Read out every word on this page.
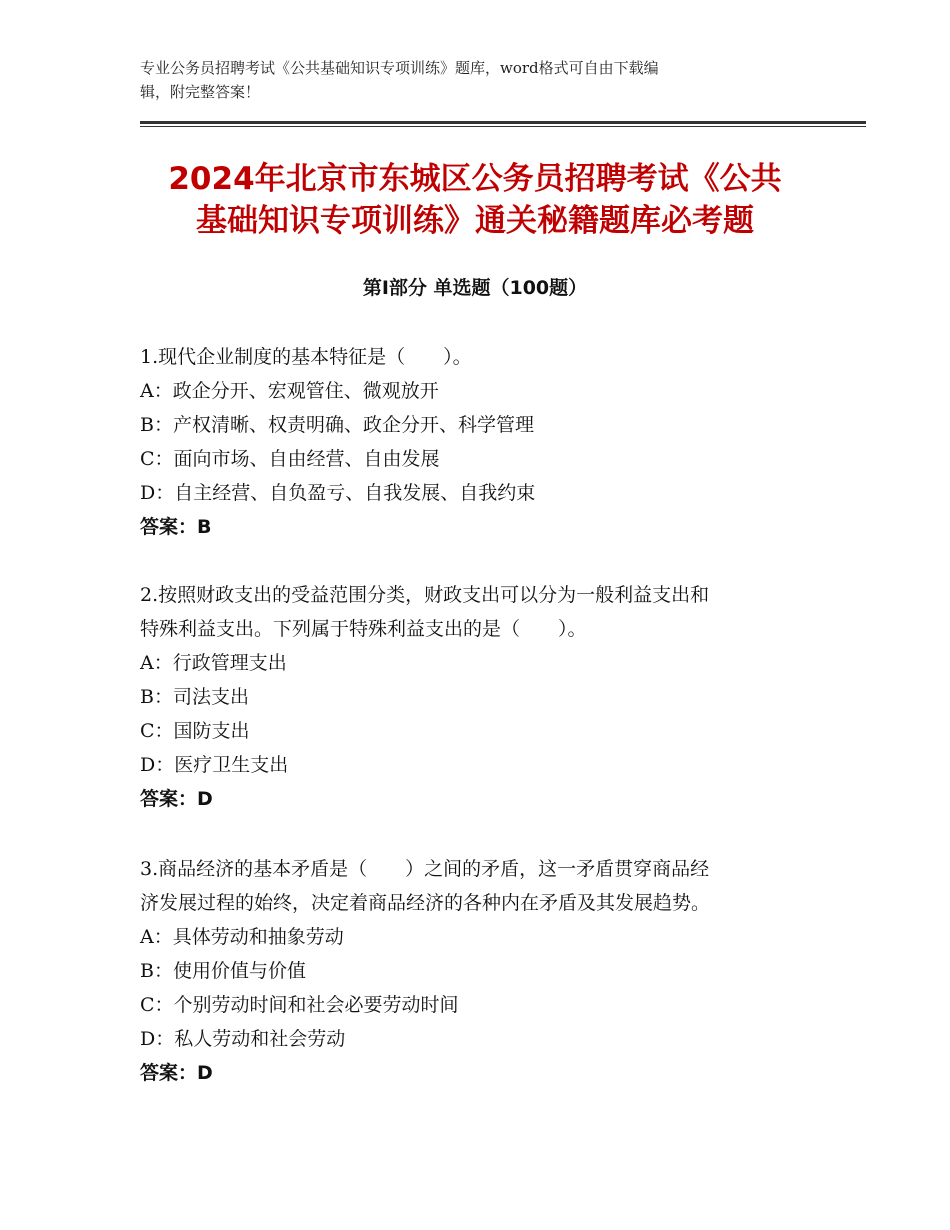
专业公务员招聘考试《公共基础知识专项训练》题库，word格式可自由下载编
辑，附完整答案！
2024年北京市东城区公务员招聘考试《公共
基础知识专项训练》通关秘籍题库必考题
第Ⅰ部分 单选题（100题）
1.现代企业制度的基本特征是（　　）。
A：政企分开、宏观管住、微观放开
B：产权清晰、权责明确、政企分开、科学管理
C：面向市场、自由经营、自由发展
D：自主经营、自负盈亏、自我发展、自我约束
答案：B
2.按照财政支出的受益范围分类，财政支出可以分为一般利益支出和
特殊利益支出。下列属于特殊利益支出的是（　　）。
A：行政管理支出
B：司法支出
C：国防支出
D：医疗卫生支出
答案：D
3.商品经济的基本矛盾是（　　）之间的矛盾，这一矛盾贯穿商品经
济发展过程的始终，决定着商品经济的各种内在矛盾及其发展趋势。
A：具体劳动和抽象劳动
B：使用价值与价值
C：个别劳动时间和社会必要劳动时间
D：私人劳动和社会劳动
答案：D
